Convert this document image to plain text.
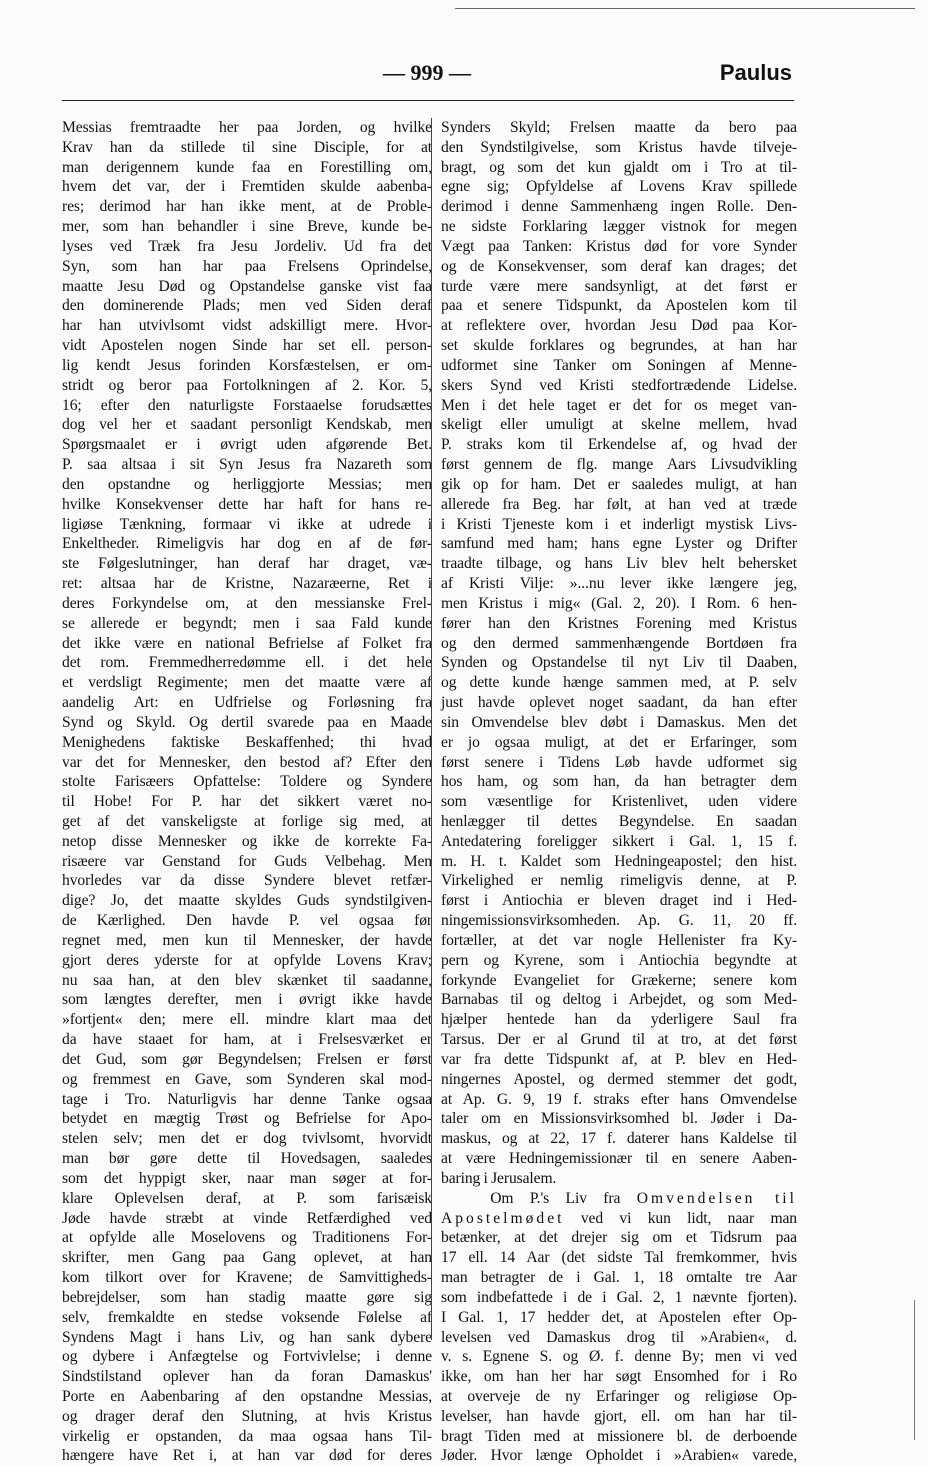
— 999 —	Paulus
Messias fremtraadte her paa Jorden, og hvilke
Krav han da stillede til sine Disciple, for at
man derigennem kunde faa en Forestilling om,
hvem det var, der i Fremtiden skulde aabenba-
res; derimod har han ikke ment, at de Proble-
mer, som han behandler i sine Breve, kunde be-
lyses ved Træk fra Jesu Jordeliv. Ud fra det
Syn, som han har paa Frelsens Oprindelse,
maatte Jesu Død og Opstandelse ganske vist faa
den dominerende Plads; men ved Siden deraf
har han utvivlsomt vidst adskilligt mere. Hvor-
vidt Apostelen nogen Sinde har set ell. person-
lig kendt Jesus forinden Korsfæstelsen, er om-
stridt og beror paa Fortolkningen af 2. Kor. 5,
16; efter den naturligste Forstaaelse forudsættes
dog vel her et saadant personligt Kendskab, men
Spørgsmaalet er i øvrigt uden afgørende Bet.
P. saa altsaa i sit Syn Jesus fra Nazareth som
den opstandne og herliggjorte Messias; men
hvilke Konsekvenser dette har haft for hans re-
ligiøse Tænkning, formaar vi ikke at udrede i
Enkeltheder. Rimeligvis har dog en af de før-
ste Følgeslutninger, han deraf har draget, væ-
ret: altsaa har de Kristne, Nazaræerne, Ret i
deres Forkyndelse om, at den messianske Frel-
se allerede er begyndt; men i saa Fald kunde
det ikke være en national Befrielse af Folket fra
det rom. Fremmedherredømme ell. i det hele
et verdsligt Regimente; men det maatte være af
aandelig Art: en Udfrielse og Forløsning fra
Synd og Skyld. Og dertil svarede paa en Maade
Menighedens faktiske Beskaffenhed; thi hvad
var det for Mennesker, den bestod af? Efter den
stolte Farisæers Opfattelse: Toldere og Syndere
til Hobe! For P. har det sikkert været no-
get af det vanskeligste at forlige sig med, at
netop disse Mennesker og ikke de korrekte Fa-
risæere var Genstand for Guds Velbehag. Men
hvorledes var da disse Syndere blevet retfær-
dige? Jo, det maatte skyldes Guds syndstilgiven-
de Kærlighed. Den havde P. vel ogsaa før
regnet med, men kun til Mennesker, der havde
gjort deres yderste for at opfylde Lovens Krav;
nu saa han, at den blev skænket til saadanne,
som længtes derefter, men i øvrigt ikke havde
»fortjent« den; mere ell. mindre klart maa det
da have staaet for ham, at i Frelsesværket er
det Gud, som gør Begyndelsen; Frelsen er først
og fremmest en Gave, som Synderen skal mod-
tage i Tro. Naturligvis har denne Tanke ogsaa
betydet en mægtig Trøst og Befrielse for Apo-
stelen selv; men det er dog tvivlsomt, hvorvidt
man bør gøre dette til Hovedsagen, saaledes
som det hyppigt sker, naar man søger at for-
klare Oplevelsen deraf, at P. som farisæisk
Jøde havde stræbt at vinde Retfærdighed ved
at opfylde alle Moselovens og Traditionens For-
skrifter, men Gang paa Gang oplevet, at han
kom tilkort over for Kravene; de Samvittigheds-
bebrejdelser, som han stadig maatte gøre sig
selv, fremkaldte en stedse voksende Følelse af
Syndens Magt i hans Liv, og han sank dybere
og dybere i Anfægtelse og Fortvivlelse; i denne
Sindstilstand oplever han da foran Damaskus'
Porte en Aabenbaring af den opstandne Messias,
og drager deraf den Slutning, at hvis Kristus
virkelig er opstanden, da maa ogsaa hans Til-
hængere have Ret i, at han var død for deres
Synders Skyld; Frelsen maatte da bero paa
den Syndstilgivelse, som Kristus havde tilveje-
bragt, og som det kun gjaldt om i Tro at til-
egne sig; Opfyldelse af Lovens Krav spillede
derimod i denne Sammenhæng ingen Rolle. Den-
ne sidste Forklaring lægger vistnok for megen
Vægt paa Tanken: Kristus død for vore Synder
og de Konsekvenser, som deraf kan drages; det
turde være mere sandsynligt, at det først er
paa et senere Tidspunkt, da Apostelen kom til
at reflektere over, hvordan Jesu Død paa Kor-
set skulde forklares og begrundes, at han har
udformet sine Tanker om Soningen af Menne-
skers Synd ved Kristi stedfortrædende Lidelse.
Men i det hele taget er det for os meget van-
skeligt eller umuligt at skelne mellem, hvad
P. straks kom til Erkendelse af, og hvad der
først gennem de flg. mange Aars Livsudvikling
gik op for ham. Det er saaledes muligt, at han
allerede fra Beg. har følt, at han ved at træde
i Kristi Tjeneste kom i et inderligt mystisk Livs-
samfund med ham; hans egne Lyster og Drifter
traadte tilbage, og hans Liv blev helt behersket
af Kristi Vilje: »...nu lever ikke længere jeg,
men Kristus i mig« (Gal. 2, 20). I Rom. 6 hen-
fører han den Kristnes Forening med Kristus
og den dermed sammenhængende Bortdøen fra
Synden og Opstandelse til nyt Liv til Daaben,
og dette kunde hænge sammen med, at P. selv
just havde oplevet noget saadant, da han efter
sin Omvendelse blev døbt i Damaskus. Men det
er jo ogsaa muligt, at det er Erfaringer, som
først senere i Tidens Løb havde udformet sig
hos ham, og som han, da han betragter dem
som væsentlige for Kristenlivet, uden videre
henlægger til dettes Begyndelse. En saadan
Antedatering foreligger sikkert i Gal. 1, 15 f.
m. H. t. Kaldet som Hedningeapostel; den hist.
Virkelighed er nemlig rimeligvis denne, at P.
først i Antiochia er bleven draget ind i Hed-
ningemissionsvirksomheden. Ap. G. 11, 20 ff.
fortæller, at det var nogle Hellenister fra Ky-
pern og Kyrene, som i Antiochia begyndte at
forkynde Evangeliet for Grækerne; senere kom
Barnabas til og deltog i Arbejdet, og som Med-
hjælper hentede han da yderligere Saul fra
Tarsus. Der er al Grund til at tro, at det først
var fra dette Tidspunkt af, at P. blev en Hed-
ningernes Apostel, og dermed stemmer det godt,
at Ap. G. 9, 19 f. straks efter hans Omvendelse
taler om en Missionsvirksomhed bl. Jøder i Da-
maskus, og at 22, 17 f. daterer hans Kaldelse til
at være Hedningemissionær til en senere Aaben-
baring i Jerusalem.
Om P.'s Liv fra Omvendelsen til
Apostelmødet ved vi kun lidt, naar man
betænker, at det drejer sig om et Tidsrum paa
17 ell. 14 Aar (det sidste Tal fremkommer, hvis
man betragter de i Gal. 1, 18 omtalte tre Aar
som indbefattede i de i Gal. 2, 1 nævnte fjorten).
I Gal. 1, 17 hedder det, at Apostelen efter Op-
levelsen ved Damaskus drog til »Arabien«, d.
v. s. Egnene S. og Ø. f. denne By; men vi ved
ikke, om han her har søgt Ensomhed for i Ro
at overveje de ny Erfaringer og religiøse Op-
levelser, han havde gjort, ell. om han har til-
bragt Tiden med at missionere bl. de derboende
Jøder. Hvor længe Opholdet i »Arabien« varede,
